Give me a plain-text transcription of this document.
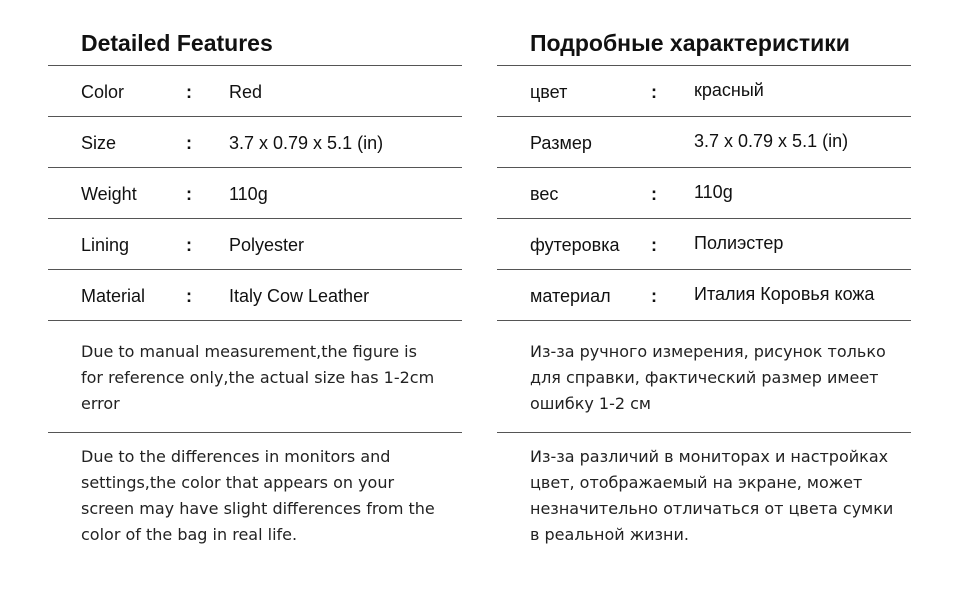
Detailed Features
Color	: Red
Size	: 3.7 x 0.79 x 5.1 (in)
Weight	: 110g
Lining	: Polyester
Material : Italy Cow Leather

Due to manual measurement,the figure is for reference only,the actual size has 1-2cm error

Due to the differences in monitors and settings,the color that appears on your screen may have slight differences from the color of the bag in real life.

Подробные характеристики
цвет	: красный
Размер	3.7 x 0.79 x 5.1 (in)
вес	: 110g
футеровка : Полиэстер
материал : Италия Коровья кожа

Из-за ручного измерения, рисунок только для справки, фактический размер имеет ошибку 1-2 см

Из-за различий в мониторах и настройках цвет, отображаемый на экране, может незначительно отличаться от цвета сумки в реальной жизни.
